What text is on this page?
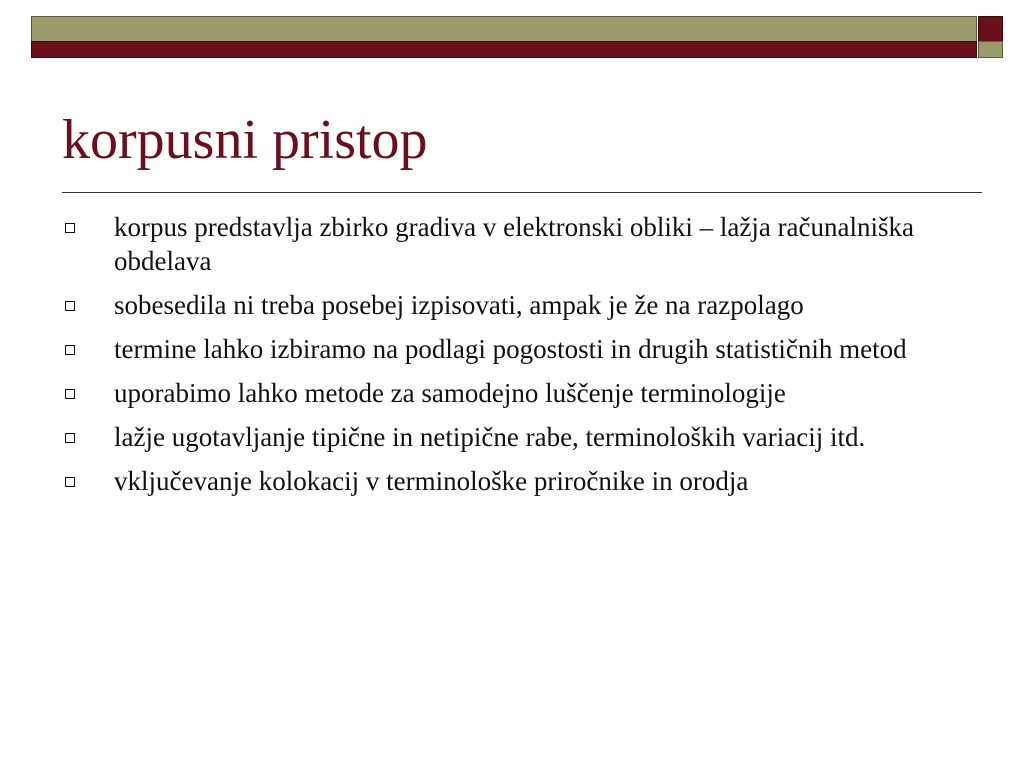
korpusni pristop
korpus predstavlja zbirko gradiva v elektronski obliki – lažja računalniška obdelava
sobesedila ni treba posebej izpisovati, ampak je že na razpolago
termine lahko izbiramo na podlagi pogostosti in drugih statističnih metod
uporabimo lahko metode za samodejno luščenje terminologije
lažje ugotavljanje tipične in netipične rabe, terminoloških variacij itd.
vključevanje kolokacij v terminološke priročnike in orodja
